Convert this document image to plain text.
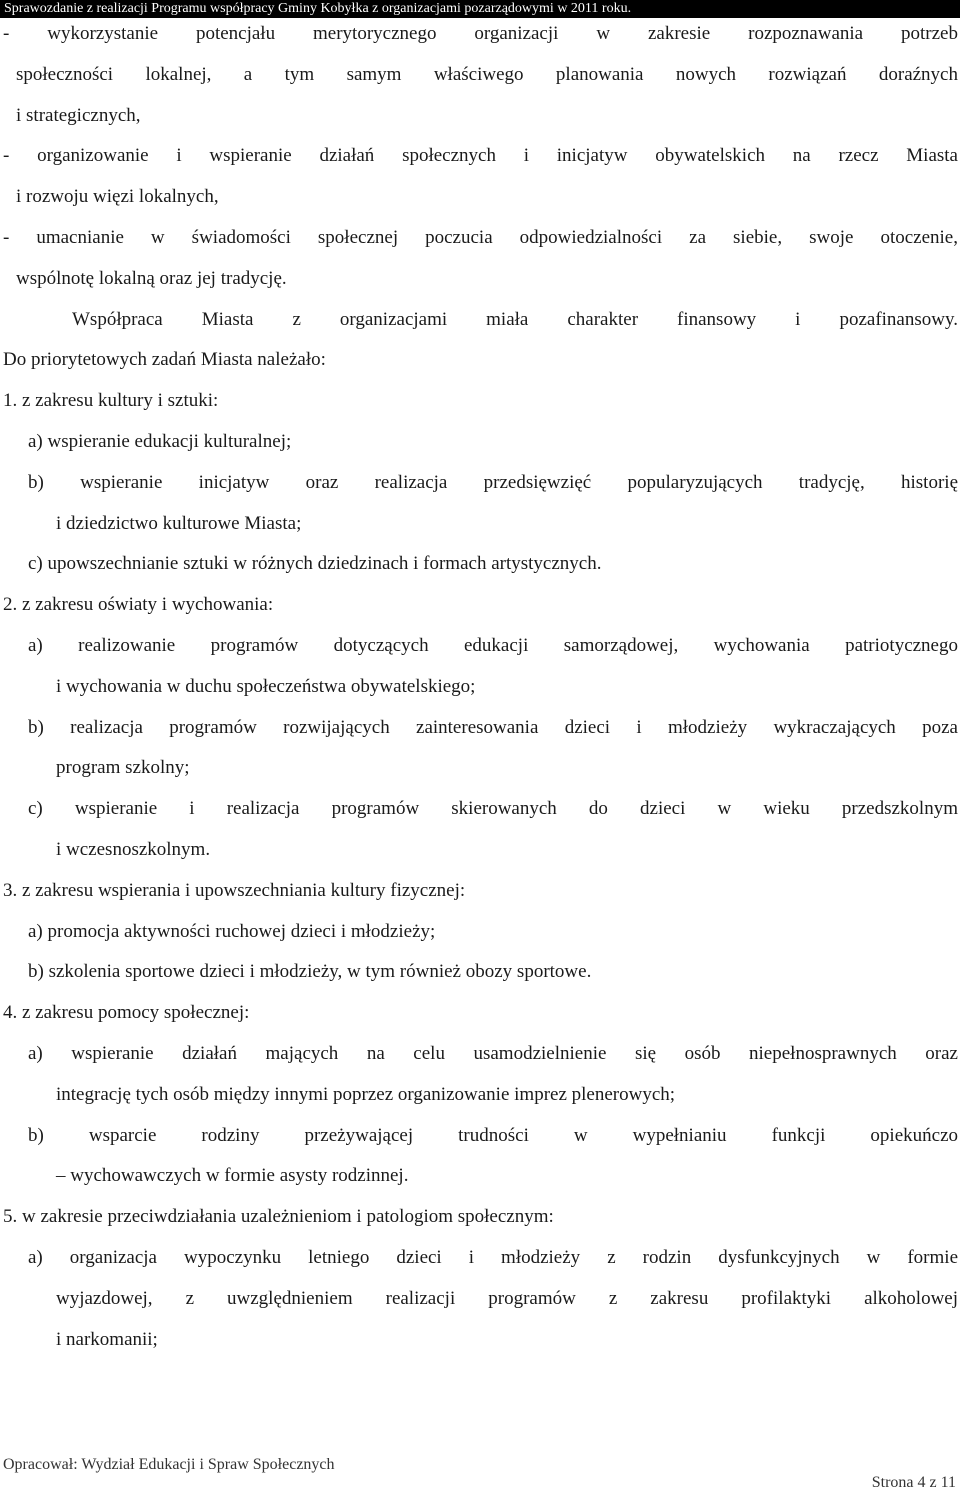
Sprawozdanie z realizacji Programu współpracy Gminy Kobyłka z organizacjami pozarządowymi w 2011 roku.
- wykorzystanie potencjału merytorycznego organizacji w zakresie rozpoznawania potrzeb
społeczności lokalnej, a tym samym właściwego planowania nowych rozwiązań doraźnych
i strategicznych,
- organizowanie i wspieranie działań społecznych i inicjatyw obywatelskich na rzecz Miasta
i rozwoju więzi lokalnych,
- umacnianie w świadomości społecznej poczucia odpowiedzialności za siebie, swoje otoczenie,
wspólnotę lokalną oraz jej tradycję.
Współpraca Miasta z organizacjami miała charakter finansowy i pozafinansowy.
Do priorytetowych zadań Miasta należało:
1. z zakresu kultury i sztuki:
a) wspieranie edukacji kulturalnej;
b) wspieranie inicjatyw oraz realizacja przedsięwzięć popularyzujących tradycję, historię
i dziedzictwo kulturowe Miasta;
c) upowszechnianie sztuki w różnych dziedzinach i formach artystycznych.
2. z zakresu oświaty i wychowania:
a) realizowanie programów dotyczących edukacji samorządowej, wychowania patriotycznego
i wychowania w duchu społeczeństwa obywatelskiego;
b) realizacja programów rozwijających zainteresowania dzieci i młodzieży wykraczających poza
program szkolny;
c) wspieranie i realizacja programów skierowanych do dzieci w wieku przedszkolnym
i wczesnoszkolnym.
3. z zakresu wspierania i upowszechniania kultury fizycznej:
a) promocja aktywności ruchowej dzieci i młodzieży;
b) szkolenia sportowe dzieci i młodzieży, w tym również obozy sportowe.
4. z zakresu pomocy społecznej:
a) wspieranie działań mających na celu usamodzielnienie się osób niepełnosprawnych oraz
integrację tych osób między innymi poprzez organizowanie imprez plenerowych;
b) wsparcie rodziny przeżywającej trudności w wypełnianiu funkcji opiekuńczo
– wychowawczych w formie asysty rodzinnej.
5. w zakresie przeciwdziałania uzależnieniom i patologiom społecznym:
a) organizacja wypoczynku letniego dzieci i młodzieży z rodzin dysfunkcyjnych w formie
wyjazdowej, z uwzględnieniem realizacji programów z zakresu profilaktyki alkoholowej
i narkomanii;
Opracował: Wydział Edukacji i Spraw Społecznych
Strona 4 z 11
